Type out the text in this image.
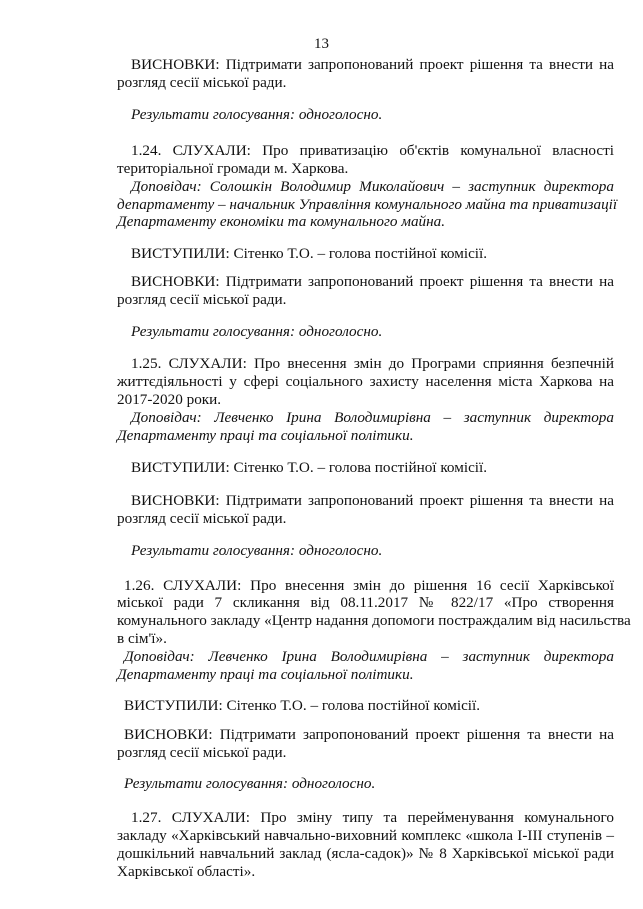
13
ВИСНОВКИ: Підтримати запропонований проект рішення та внести на
розгляд сесії міської ради.
Результати голосування: одноголосно.
1.24. СЛУХАЛИ: Про приватизацію об'єктів комунальної власності
територіальної громади м. Харкова.
Доповідач: Солошкін Володимир Миколайович – заступник директора
департаменту – начальник Управління комунального майна та приватизації
Департаменту економіки та комунального майна.
ВИСТУПИЛИ: Сітенко Т.О. – голова постійної комісії.
ВИСНОВКИ: Підтримати запропонований проект рішення та внести на
розгляд сесії міської ради.
Результати голосування: одноголосно.
1.25. СЛУХАЛИ: Про внесення змін до Програми сприяння безпечній
життєдіяльності у сфері соціального захисту населення міста Харкова на
2017-2020 роки.
Доповідач: Левченко Ірина Володимирівна – заступник директора
Департаменту праці та соціальної політики.
ВИСТУПИЛИ: Сітенко Т.О. – голова постійної комісії.
ВИСНОВКИ: Підтримати запропонований проект рішення та внести на
розгляд сесії міської ради.
Результати голосування: одноголосно.
1.26. СЛУХАЛИ: Про внесення змін до рішення 16 сесії Харківської
міської ради 7 скликання від 08.11.2017 № 822/17 «Про створення
комунального закладу «Центр надання допомоги постраждалим від насильства
в сім'ї».
Доповідач: Левченко Ірина Володимирівна – заступник директора
Департаменту праці та соціальної політики.
ВИСТУПИЛИ: Сітенко Т.О. – голова постійної комісії.
ВИСНОВКИ: Підтримати запропонований проект рішення та внести на
розгляд сесії міської ради.
Результати голосування: одноголосно.
1.27. СЛУХАЛИ: Про зміну типу та перейменування комунального
закладу «Харківський навчально-виховний комплекс «школа І-ІІІ ступенів –
дошкільний навчальний заклад (ясла-садок)» № 8 Харківської міської ради
Харківської області».
